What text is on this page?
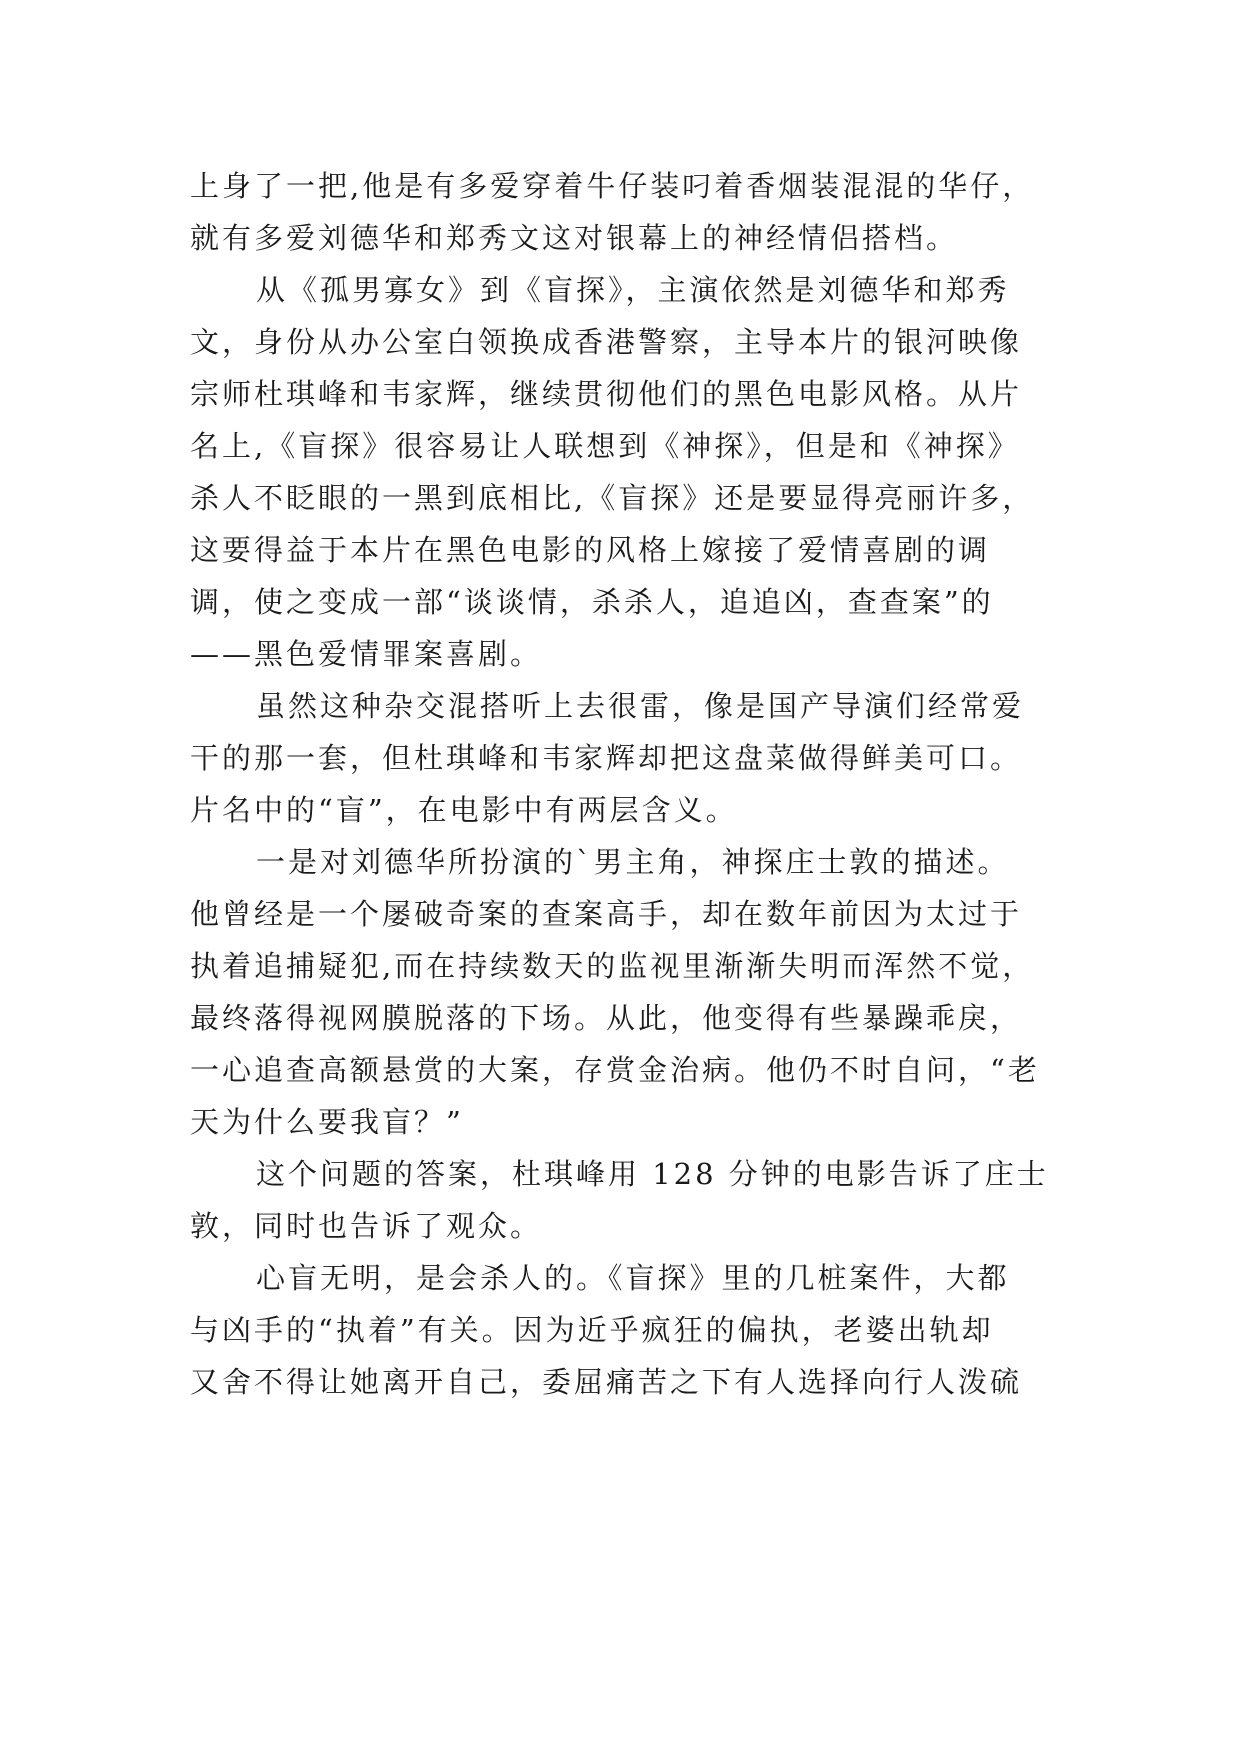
上身了一把,他是有多爱穿着牛仔装叼着香烟装混混的华仔，
就有多爱刘德华和郑秀文这对银幕上的神经情侣搭档。
从《孤男寡女》到《盲探》，主演依然是刘德华和郑秀
文，身份从办公室白领换成香港警察，主导本片的银河映像
宗师杜琪峰和韦家辉，继续贯彻他们的黑色电影风格。从片
名上,《盲探》很容易让人联想到《神探》，但是和《神探》
杀人不眨眼的一黑到底相比,《盲探》还是要显得亮丽许多，
这要得益于本片在黑色电影的风格上嫁接了爱情喜剧的调
调，使之变成一部“谈谈情，杀杀人，追追凶，查查案”的
——黑色爱情罪案喜剧。
虽然这种杂交混搭听上去很雷，像是国产导演们经常爱
干的那一套，但杜琪峰和韦家辉却把这盘菜做得鲜美可口。
片名中的“盲”，在电影中有两层含义。
一是对刘德华所扮演的`男主角，神探庄士敦的描述。
他曾经是一个屡破奇案的查案高手，却在数年前因为太过于
执着追捕疑犯,而在持续数天的监视里渐渐失明而浑然不觉，
最终落得视网膜脱落的下场。从此，他变得有些暴躁乖戾，
一心追查高额悬赏的大案，存赏金治病。他仍不时自问，“老
天为什么要我盲？”
这个问题的答案，杜琪峰用 128 分钟的电影告诉了庄士
敦，同时也告诉了观众。
心盲无明，是会杀人的。《盲探》里的几桩案件，大都
与凶手的“执着”有关。因为近乎疯狂的偏执，老婆出轨却
又舍不得让她离开自己，委屈痛苦之下有人选择向行人泼硫
